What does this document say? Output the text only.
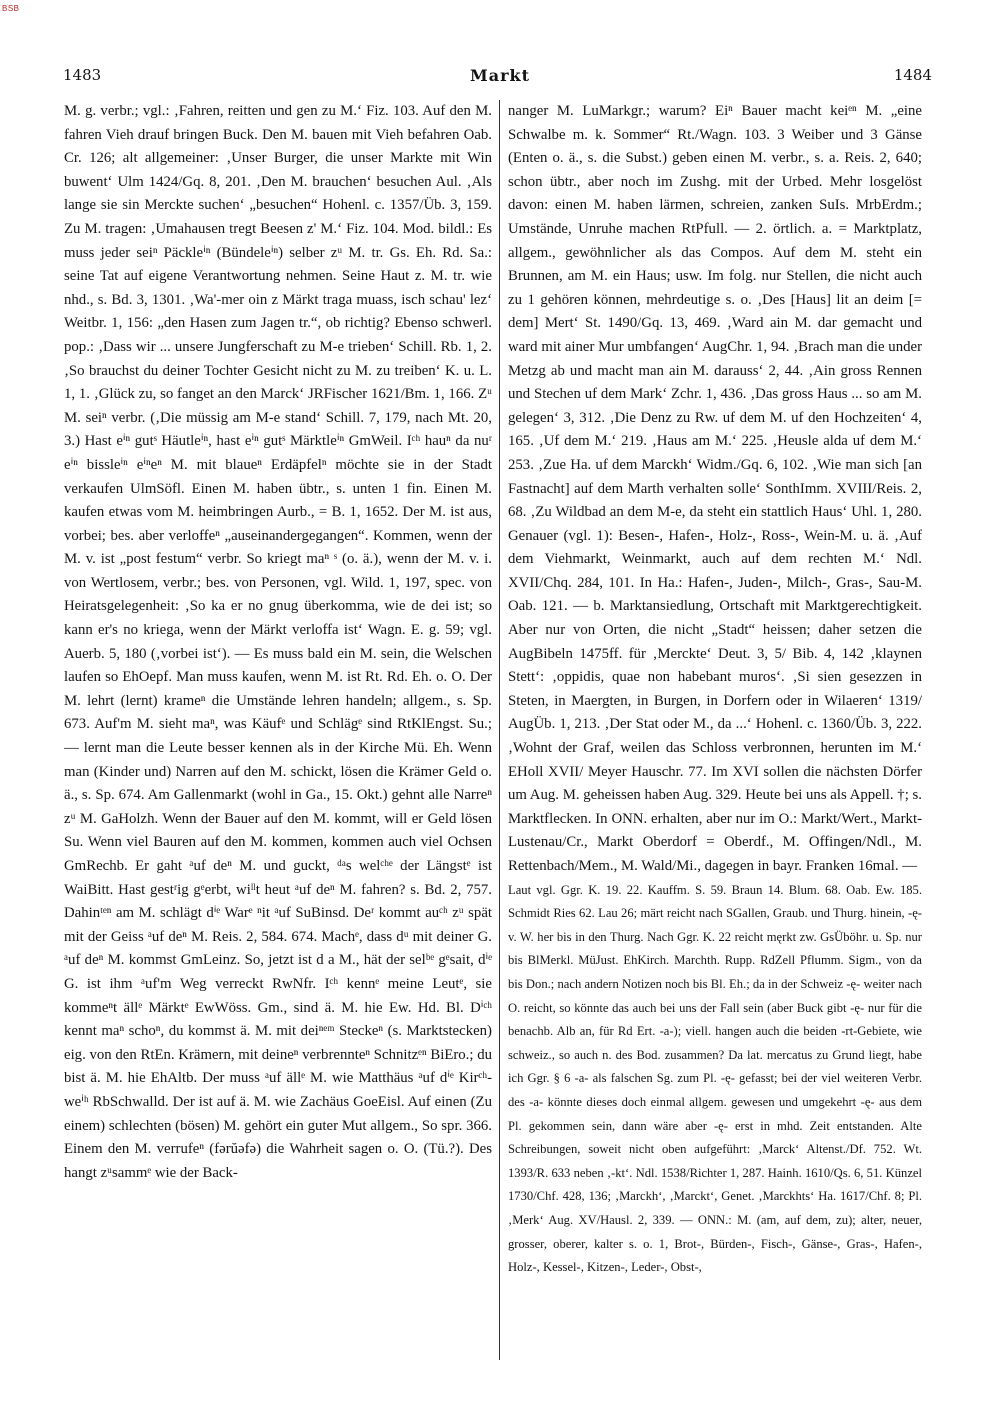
BSB
1483	Markt	1484

M. g. verbr.; vgl.: ‚Fahren, reitten und gen zu M.‘ Fiz. 103. Auf den M. fahren Vieh drauf bringen Buck. Den M. bauen mit Vieh befahren Oab. Cr. 126; alt allgemeiner: ‚Unser Burger, die unser Markte mit Win buwent‘ Ulm 1424/Gq. 8, 201. ‚Den M. brauchen‘ besuchen Aul. ‚Als lange sie sin Merckte suchen‘ „besuchen“ Hohenl. c. 1357/Üb. 3, 159. Zu M. tragen: ‚Umahausen tregt Beesen z' M.‘ Fiz. 104. Mod. bildl.: Es muss jeder seiⁿ Päckleⁱⁿ (Bündeleⁱⁿ) selber zᵘ M. tr. Gs. Eh. Rd. Sa.: seine Tat auf eigene Verantwortung nehmen. Seine Haut z. M. tr. wie nhd., s. Bd. 3, 1301. ‚Wa'-mer oin z Märkt traga muass, isch schau' lez‘ Weitbr. 1, 156: „den Hasen zum Jagen tr.“, ob richtig? Ebenso schwerl. pop.: ‚Dass wir ... unsere Jungferschaft zu M-e trieben‘ Schill. Rb. 1, 2. ‚So brauchst du deiner Tochter Gesicht nicht zu M. zu treiben‘ K. u. L. 1, 1. ‚Glück zu, so fanget an den Marck‘ JRFischer 1621/Bm. 1, 166. Zᵘ M. seiⁿ verbr. (‚Die müssig am M-e stand‘ Schill. 7, 179, nach Mt. 20, 3.) Hast eⁱⁿ gutˢ Häutleⁱⁿ, hast eⁱⁿ gutˢ Märktleⁱⁿ GmWeil. Iᶜʰ hauⁿ da nuʳ eⁱⁿ bissleⁱⁿ eⁱⁿeⁿ M. mit blaueⁿ Erdäpfelⁿ möchte sie in der Stadt verkaufen UlmSöfl. Einen M. haben übtr., s. unten 1 fin. Einen M. kaufen etwas vom M. heimbringen Aurb., = B. 1, 1652. Der M. ist aus, vorbei; bes. aber verloffeⁿ „auseinandergegangen“. Kommen, wenn der M. v. ist „post festum“ verbr. So kriegt maⁿ ˢ (o. ä.), wenn der M. v. i. von Wertlosem, verbr.; bes. von Personen, vgl. Wild. 1, 197, spec. von Heiratsgelegenheit: ‚So ka er no gnug überkomma, wie de dei ist; so kann er's no kriega, wenn der Märkt verloffa ist‘ Wagn. E. g. 59; vgl. Auerb. 5, 180 (‚vorbei ist‘). — Es muss bald ein M. sein, die Welschen laufen so EhOepf. Man muss kaufen, wenn M. ist Rt. Rd. Eh. o. O. Der M. lehrt (lernt) krameⁿ die Umstände lehren handeln; allgem., s. Sp. 673. Auf'm M. sieht maⁿ, was Käufᵉ und Schlägᵉ sind RtKlEngst. Su.; — lernt man die Leute besser kennen als in der Kirche Mü. Eh. Wenn man (Kinder und) Narren auf den M. schickt, lösen die Krämer Geld o. ä., s. Sp. 674. Am Gallenmarkt (wohl in Ga., 15. Okt.) gehnt alle Narreⁿ zᵘ M. GaHolzh. Wenn der Bauer auf den M. kommt, will er Geld lösen Su. Wenn viel Bauren auf den M. kommen, kommen auch viel Ochsen GmRechb. Er gaht ᵃuf deⁿ M. und guckt, ᵈᵃs welᶜʰᵉ der Längstᵉ ist WaiBitt. Hast gestʳig gᵉerbt, wiˡˡt heut ᵃuf deⁿ M. fahren? s. Bd. 2, 757. Dahinᵗᵉⁿ am M. schlägt dⁱᵉ Warᵉ ⁿit ᵃuf SuBinsd. Deʳ kommt auᶜʰ zᵘ spät mit der Geiss ᵃuf deⁿ M. Reis. 2, 584. 674. Machᵉ, dass dᵘ mit deiner G. ᵃuf deⁿ M. kommst GmLeinz. So, jetzt ist d a M., hät der selᵇᵉ gᵉsait, dⁱᵉ G. ist ihm ᵃuf'm Weg verreckt RwNfr. Iᶜʰ kennᵉ meine Leutᵉ, sie kommeⁿt ällᵉ Märktᵉ EwWöss. Gm., sind ä. M. hie Ew. Hd. Bl. Dⁱᶜʰ kennt maⁿ schoⁿ, du kommst ä. M. mit deiⁿᵉᵐ Steckeⁿ (s. Marktstecken) eig. von den RtEn. Krämern, mit deineⁿ verbrennteⁿ Schnitzᵉⁿ BiEro.; du bist ä. M. hie EhAltb. Der muss ᵃuf ällᵉ M. wie Matthäus ᵃuf dⁱᵉ Kirᶜʰ-weⁱʰ RbSchwalld. Der ist auf ä. M. wie Zachäus GoeEisl. Auf einen (Zu einem) schlechten (bösen) M. gehört ein guter Mut allgem., So spr. 366. Einem den M. verrufeⁿ (fərŭəfə) die Wahrheit sagen o. O. (Tü.?). Des hangt zᵘsammᵉ wie der Back-

nanger M. LuMarkgr.; warum? Eiⁿ Bauer macht keiᵉⁿ M. „eine Schwalbe m. k. Sommer“ Rt./Wagn. 103. 3 Weiber und 3 Gänse (Enten o. ä., s. die Subst.) geben einen M. verbr., s. a. Reis. 2, 640; schon übtr., aber noch im Zushg. mit der Urbed. Mehr losgelöst davon: einen M. haben lärmen, schreien, zanken SuIs. MrbErdm.; Umstände, Unruhe machen RtPfull. — 2. örtlich. a. = Marktplatz, allgem., gewöhnlicher als das Compos. Auf dem M. steht ein Brunnen, am M. ein Haus; usw. Im folg. nur Stellen, die nicht auch zu 1 gehören können, mehrdeutige s. o. ‚Des [Haus] lit an deim [= dem] Mert‘ St. 1490/Gq. 13, 469. ‚Ward ain M. dar gemacht und ward mit ainer Mur umbfangen‘ AugChr. 1, 94. ‚Brach man die under Metzg ab und macht man ain M. darauss‘ 2, 44. ‚Ain gross Rennen und Stechen uf dem Mark‘ Zchr. 1, 436. ‚Das gross Haus ... so am M. gelegen‘ 3, 312. ‚Die Denz zu Rw. uf dem M. uf den Hochzeiten‘ 4, 165. ‚Uf dem M.‘ 219. ‚Haus am M.‘ 225. ‚Heusle alda uf dem M.‘ 253. ‚Zue Ha. uf dem Marckh‘ Widm./Gq. 6, 102. ‚Wie man sich [an Fastnacht] auf dem Marth verhalten solle‘ SonthImm. XVIII/Reis. 2, 68. ‚Zu Wildbad an dem M-e, da steht ein stattlich Haus‘ Uhl. 1, 280. Genauer (vgl. 1): Besen-, Hafen-, Holz-, Ross-, Wein-M. u. ä. ‚Auf dem Viehmarkt, Weinmarkt, auch auf dem rechten M.‘ Ndl. XVII/Chq. 284, 101. In Ha.: Hafen-, Juden-, Milch-, Gras-, Sau-M. Oab. 121. — b. Marktansiedlung, Ortschaft mit Marktgerechtigkeit. Aber nur von Orten, die nicht „Stadt“ heissen; daher setzen die AugBibeln 1475ff. für ‚Merckte‘ Deut. 3, 5/ Bib. 4, 142 ‚klaynen Stett‘: ‚oppidis, quae non habebant muros‘. ‚Si sien gesezzen in Steten, in Maergten, in Burgen, in Dorfern oder in Wilaeren‘ 1319/ AugÜb. 1, 213. ‚Der Stat oder M., da ...‘ Hohenl. c. 1360/Üb. 3, 222. ‚Wohnt der Graf, weilen das Schloss verbronnen, herunten im M.‘ EHoll XVII/ Meyer Hauschr. 77. Im XVI sollen die nächsten Dörfer um Aug. M. geheissen haben Aug. 329. Heute bei uns als Appell. †; s. Marktflecken. In ONN. erhalten, aber nur im O.: Markt/Wert., Markt-Lustenau/Cr., Markt Oberdorf = Oberdf., M. Offingen/Ndl., M. Rettenbach/Mem., M. Wald/Mi., dagegen in bayr. Franken 16mal. —

Laut vgl. Ggr. K. 19. 22. Kauffm. S. 59. Braun 14. Blum. 68. Oab. Ew. 185. Schmidt Ries 62. Lau 26; märt reicht nach SGallen, Graub. und Thurg. hinein, -ę- v. W. her bis in den Thurg. Nach Ggr. K. 22 reicht męrkt zw. GsÜböhr. u. Sp. nur bis BlMerkl. MüJust. EhKirch. Marchth. Rupp. RdZell Pflumm. Sigm., von da bis Don.; nach andern Notizen noch bis Bl. Eh.; da in der Schweiz -ę- weiter nach O. reicht, so könnte das auch bei uns der Fall sein (aber Buck gibt -ę- nur für die benachb. Alb an, für Rd Ert. -a-); viell. hangen auch die beiden -rt-Gebiete, wie schweiz., so auch n. des Bod. zusammen? Da lat. mercatus zu Grund liegt, habe ich Ggr. § 6 -a- als falschen Sg. zum Pl. -ę- gefasst; bei der viel weiteren Verbr. des -a- könnte dieses doch einmal allgem. gewesen und umgekehrt -ę- aus dem Pl. gekommen sein, dann wäre aber -ę- erst in mhd. Zeit entstanden. Alte Schreibungen, soweit nicht oben aufgeführt: ‚Marck‘ Altenst./Df. 752. Wt. 1393/R. 633 neben ‚-kt‘. Ndl. 1538/Richter 1, 287. Hainh. 1610/Qs. 6, 51. Künzel 1730/Chf. 428, 136; ‚Marckh‘, ‚Marckt‘, Genet. ‚Marckhts‘ Ha. 1617/Chf. 8; Pl. ‚Merk‘ Aug. XV/Hausl. 2, 339. — ONN.: M. (am, auf dem, zu); alter, neuer, grosser, oberer, kalter s. o. 1, Brot-, Bürden-, Fisch-, Gänse-, Gras-, Hafen-, Holz-, Kessel-, Kitzen-, Leder-, Obst-,
